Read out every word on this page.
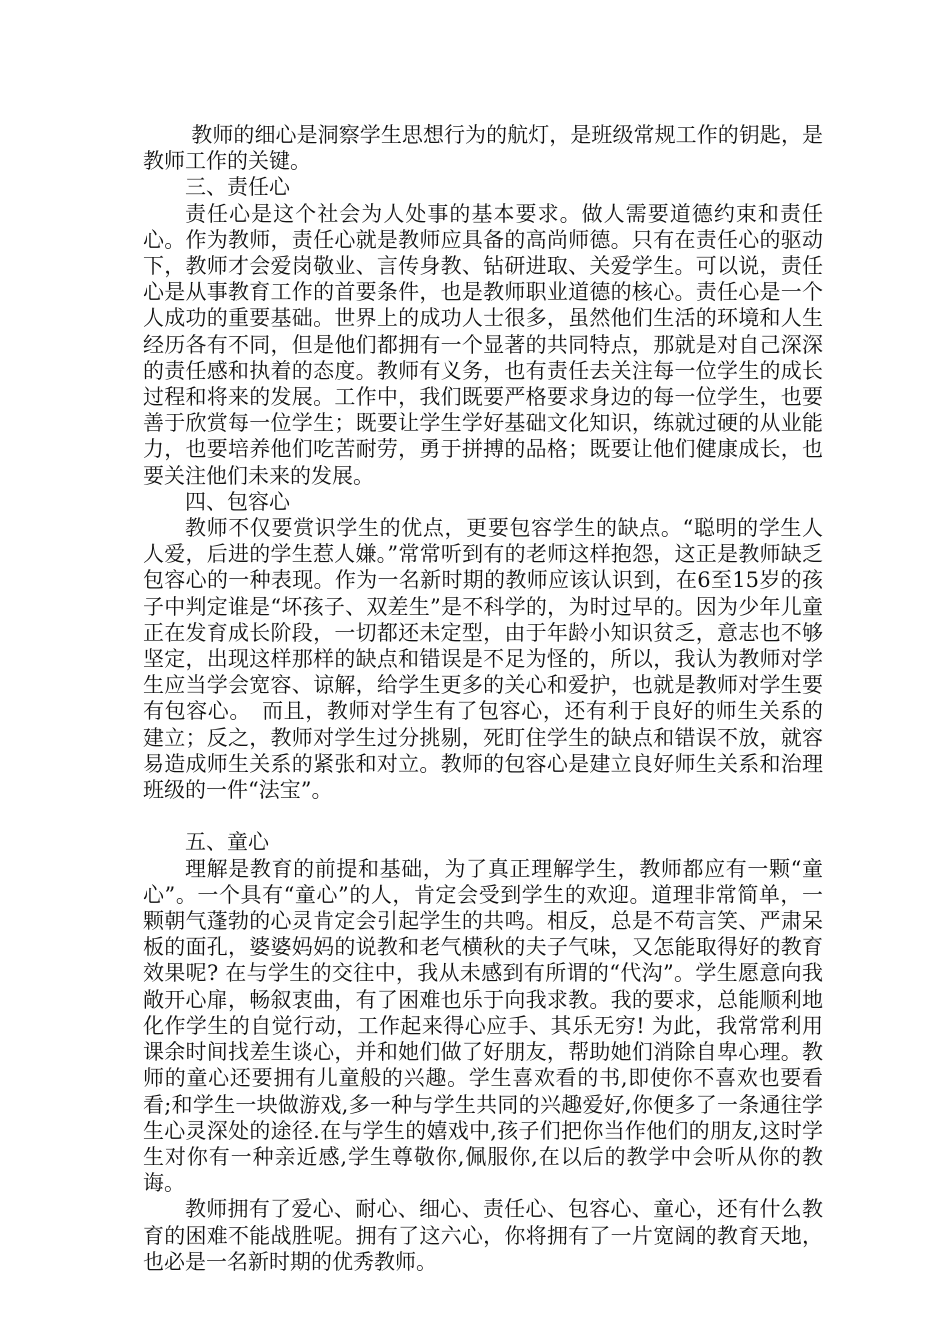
教师的细心是洞察学生思想行为的航灯，是班级常规工作的钥匙，是教师工作的关键。

三、责任心

责任心是这个社会为人处事的基本要求。做人需要道德约束和责任心。作为教师，责任心就是教师应具备的高尚师德。只有在责任心的驱动下，教师才会爱岗敬业、言传身教、钻研进取、关爱学生。可以说，责任心是从事教育工作的首要条件，也是教师职业道德的核心。责任心是一个人成功的重要基础。世界上的成功人士很多，虽然他们生活的环境和人生经历各有不同，但是他们都拥有一个显著的共同特点，那就是对自己深深的责任感和执着的态度。教师有义务，也有责任去关注每一位学生的成长过程和将来的发展。工作中，我们既要严格要求身边的每一位学生，也要善于欣赏每一位学生；既要让学生学好基础文化知识，练就过硬的从业能力，也要培养他们吃苦耐劳，勇于拼搏的品格；既要让他们健康成长，也要关注他们未来的发展。

四、包容心

教师不仅要赏识学生的优点，更要包容学生的缺点。“聪明的学生人人爱，后进的学生惹人嫌。”常常听到有的老师这样抱怨，这正是教师缺乏包容心的一种表现。作为一名新时期的教师应该认识到，在6至15岁的孩子中判定谁是“坏孩子、双差生”是不科学的，为时过早的。因为少年儿童正在发育成长阶段，一切都还未定型，由于年龄小知识贫乏，意志也不够坚定，出现这样那样的缺点和错误是不足为怪的，所以，我认为教师对学生应当学会宽容、谅解，给学生更多的关心和爱护，也就是教师对学生要有包容心。　而且，教师对学生有了包容心，还有利于良好的师生关系的建立；反之，教师对学生过分挑剔，死盯住学生的缺点和错误不放，就容易造成师生关系的紧张和对立。教师的包容心是建立良好师生关系和治理班级的一件“法宝”。

五、童心

理解是教育的前提和基础，为了真正理解学生，教师都应有一颗“童心”。一个具有“童心”的人，肯定会受到学生的欢迎。道理非常简单，一颗朝气蓬勃的心灵肯定会引起学生的共鸣。相反，总是不苟言笑、严肃呆板的面孔，婆婆妈妈的说教和老气横秋的夫子气味，又怎能取得好的教育效果呢? 在与学生的交往中，我从未感到有所谓的“代沟”。学生愿意向我敞开心扉，畅叙衷曲，有了困难也乐于向我求教。我的要求，总能顺利地化作学生的自觉行动，工作起来得心应手、其乐无穷! 为此，我常常利用课余时间找差生谈心，并和她们做了好朋友，帮助她们消除自卑心理。教师的童心还要拥有儿童般的兴趣。学生喜欢看的书,即使你不喜欢也要看看;和学生一块做游戏,多一种与学生共同的兴趣爱好,你便多了一条通往学生心灵深处的途径.在与学生的嬉戏中,孩子们把你当作他们的朋友,这时学生对你有一种亲近感,学生尊敬你,佩服你,在以后的教学中会听从你的教诲。

教师拥有了爱心、耐心、细心、责任心、包容心、童心，还有什么教育的困难不能战胜呢。拥有了这六心，你将拥有了一片宽阔的教育天地，也必是一名新时期的优秀教师。
